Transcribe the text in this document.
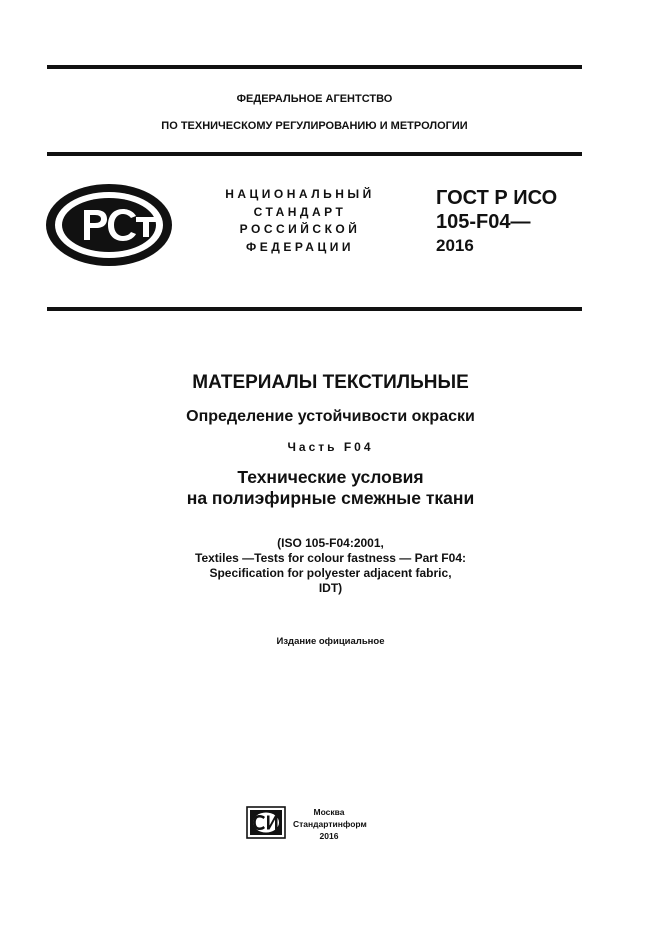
ФЕДЕРАЛЬНОЕ АГЕНТСТВО
ПО ТЕХНИЧЕСКОМУ РЕГУЛИРОВАНИЮ И МЕТРОЛОГИИ
НАЦИОНАЛЬНЫЙ
СТАНДАРТ
РОССИЙСКОЙ
ФЕДЕРАЦИИ
ГОСТ Р ИСО
105-F04—
2016
МАТЕРИАЛЫ ТЕКСТИЛЬНЫЕ
Определение устойчивости окраски
Часть F04
Технические условия
на полиэфирные смежные ткани
(ISO 105-F04:2001,
Textiles —Tests for colour fastness — Part F04:
Specification for polyester adjacent fabric,
IDT)
Издание официальное
Москва
Стандартинформ
2016
